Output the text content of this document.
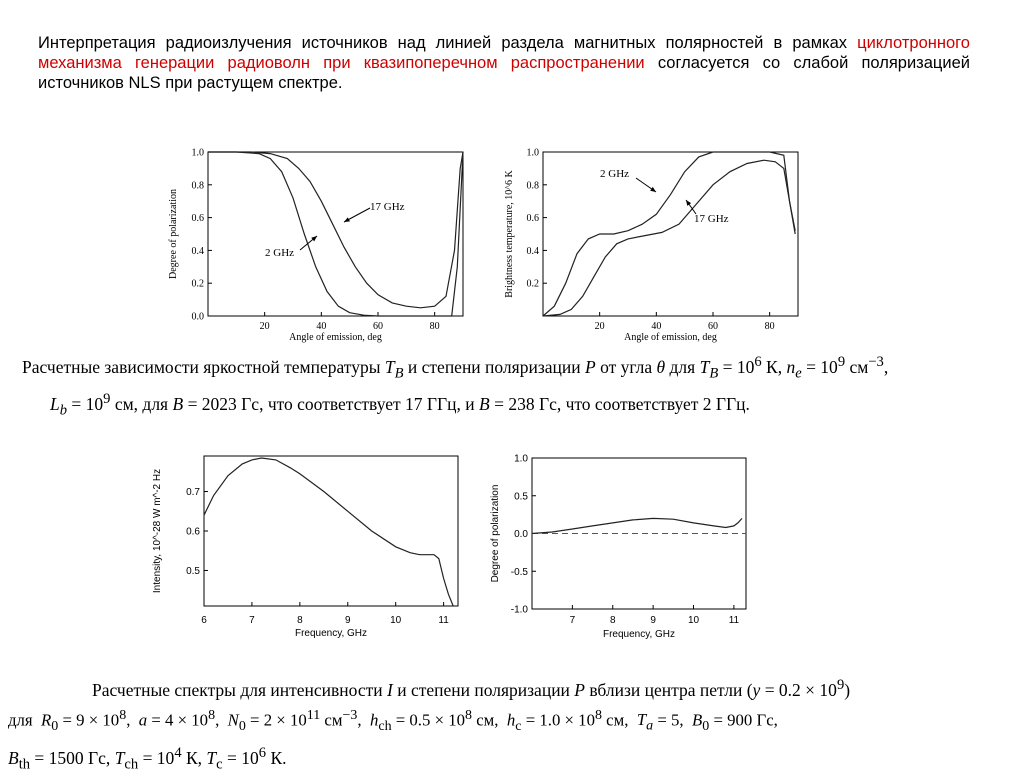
Интерпретация радиоизлучения источников над линией раздела магнитных полярностей в рамках циклотронного механизма генерации радиоволн при квазипоперечном распространении согласуется со слабой поляризацией источников NLS при растущем спектре.
20	40	60	80
0.0
0.2
0.4
0.6
0.8
1.0
Angle of emission, deg
Degree of polarization	17 GHz
2 GHz
20	40	60	80
0.2
0.4
0.6
0.8
1.0
Angle of emission, deg
Brightness temperature, 10^6 K	2 GHz
17 GHz
Расчетные зависимости яркостной температуры $T_B$ и степени поляризации P от угла θ для $T_B = 10^6$ К, $n_e = 10^9$ $см^{-3}$,
$L_b = 10^9$ см, для B = 2023 Гс, что соответствует 17 ГГц, и B = 238 Гс, что соответствует 2 ГГц.
6	7	8	9	10	11
0.5
0.6
0.7
Frequency, GHz
Intensity, 10^-28 W m^-2 Hz
7	8	9	10	11
1.0
0.5
0.0
-0.5
-1.0
Frequency, GHz
Degree of polarization
Расчетные спектры для интенсивности I и степени поляризации P вблизи центра петли $(y = 0.2 \times 10^9)$
для  $R_0 = 9 \times 10^8$,  $a = 4 \times 10^8$,  $N_0 = 2 \times 10^{11}$ $см^{-3}$,  $h_{ch} = 0.5 \times 10^8$ см,  $h_c = 1.0 \times 10^8$ см,  $T_a = 5$,  $B_0 = 900$ Гс,
$B_{th} = 1500$ Гс, $T_{ch} = 10^4$ К, $T_c = 10^6$ К.
